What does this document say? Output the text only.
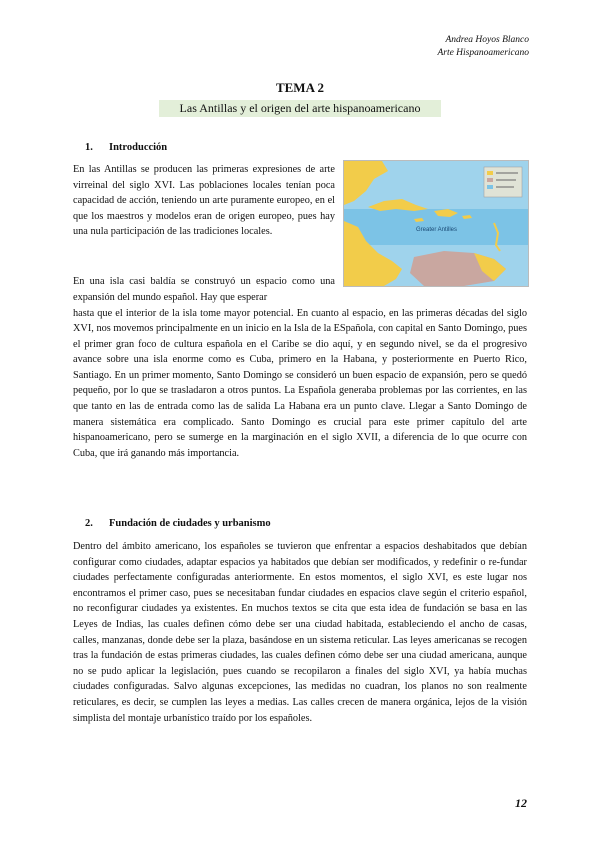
Andrea Hoyos Blanco
Arte Hispanoamericano
TEMA 2
Las Antillas y el origen del arte hispanoamericano
1. Introducción

En las Antillas se producen las primeras expresiones de arte virreinal del siglo XVI. Las poblaciones locales tenían poca capacidad de acción, teniendo un arte puramente europeo, en el que los maestros y modelos eran de origen europeo, pues hay una nula participación de las tradiciones locales.	Greater Antilles

En una isla casi baldía se construyó un espacio como una expansión del mundo español. Hay que esperar

hasta que el interior de la isla tome mayor potencial. En cuanto al espacio, en las primeras décadas del siglo XVI, nos movemos principalmente en un inicio en la Isla de la ESpañola, con capital en Santo Domingo, pues el primer gran foco de cultura española en el Caribe se dio aquí, y en segundo nivel, se da el progresivo avance sobre una isla enorme como es Cuba, primero en la Habana, y posteriormente en Puerto Rico, Santiago. En un primer momento, Santo Domingo se consideró un buen espacio de expansión, pero se quedó pequeño, por lo que se trasladaron a otros puntos. La Española generaba problemas por las corrientes, en las que tanto en las de entrada como las de salida La Habana era un punto clave. Llegar a Santo Domingo de manera sistemática era complicado. Santo Domingo es crucial para este primer capítulo del arte hispanoamericano, pero se sumerge en la marginación en el siglo XVII, a diferencia de lo que ocurre con Cuba, que irá ganando más importancia.

2. Fundación de ciudades y urbanismo

Dentro del ámbito americano, los españoles se tuvieron que enfrentar a espacios deshabitados que debían configurar como ciudades, adaptar espacios ya habitados que debían ser modificados, y redefinir o re-fundar ciudades perfectamente configuradas anteriormente. En estos momentos, el siglo XVI, es este lugar nos encontramos el primer caso, pues se necesitaban fundar ciudades en espacios clave según el criterio español, no reconfigurar ciudades ya existentes. En muchos textos se cita que esta idea de fundación se basa en las Leyes de Indias, las cuales definen cómo debe ser una ciudad habitada, estableciendo el ancho de casas, calles, manzanas, donde debe ser la plaza, basándose en un sistema reticular. Las leyes americanas se recogen tras la fundación de estas primeras ciudades, las cuales definen cómo debe ser una ciudad americana, aunque no se pudo aplicar la legislación, pues cuando se recopilaron a finales del siglo XVI, ya había muchas ciudades configuradas. Salvo algunas excepciones, las medidas no cuadran, los planos no son realmente reticulares, es decir, se cumplen las leyes a medias. Las calles crecen de manera orgánica, lejos de la visión simplista del montaje urbanístico traído por los españoles.

12
